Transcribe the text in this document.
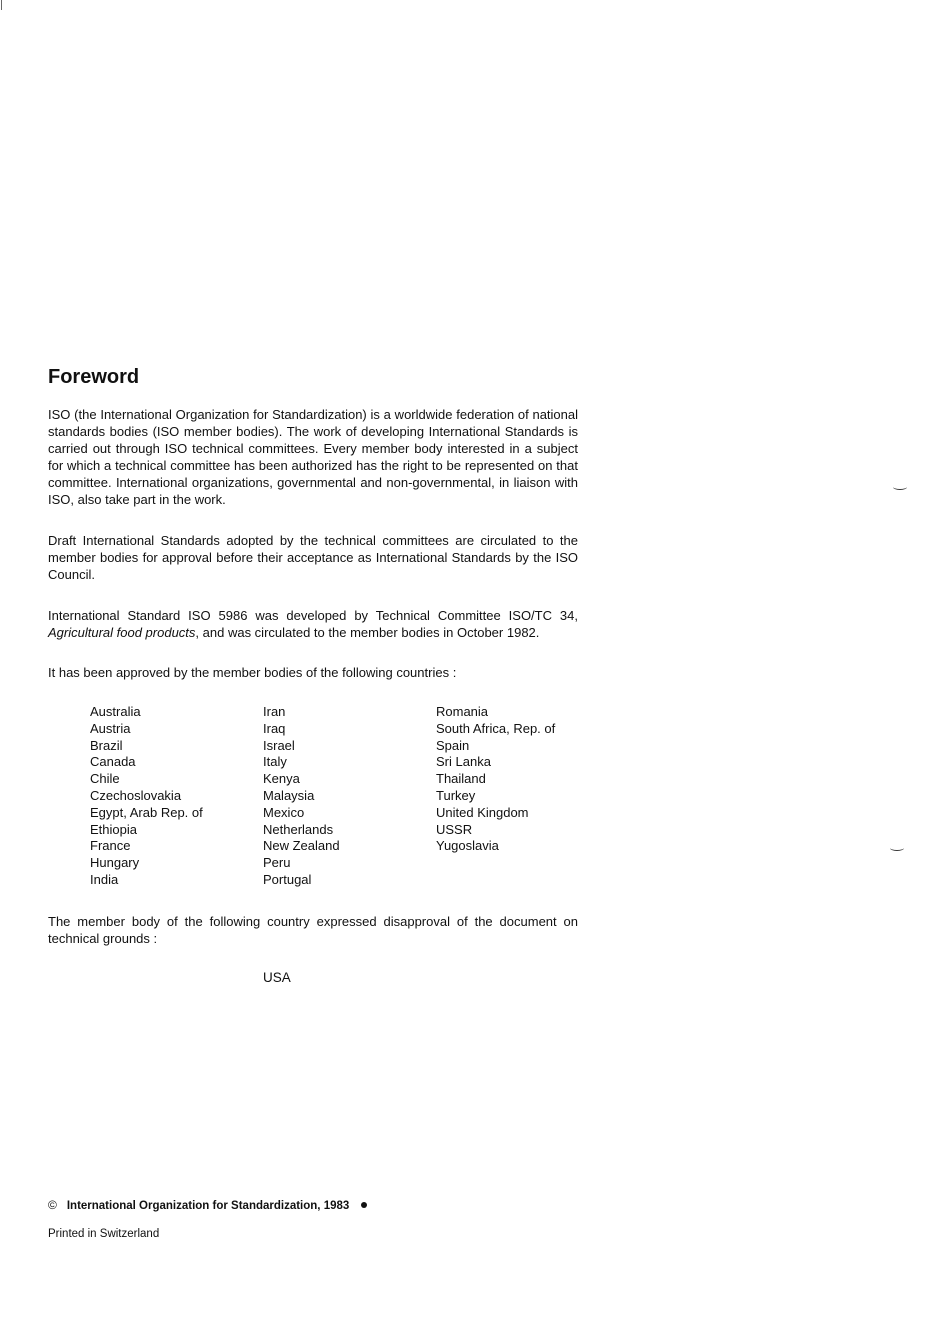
Foreword

ISO (the International Organization for Standardization) is a worldwide federation of national standards bodies (ISO member bodies). The work of developing International Standards is carried out through ISO technical committees. Every member body interested in a subject for which a technical committee has been authorized has the right to be represented on that committee. International organizations, governmental and non-governmental, in liaison with ISO, also take part in the work.

Draft International Standards adopted by the technical committees are circulated to the member bodies for approval before their acceptance as International Standards by the ISO Council.

International Standard ISO 5986 was developed by Technical Committee ISO/TC 34, Agricultural food products, and was circulated to the member bodies in October 1982.

It has been approved by the member bodies of the following countries :

Australia
Austria
Brazil
Canada
Chile
Czechoslovakia
Egypt, Arab Rep. of
Ethiopia
France
Hungary
India
Iran
Iraq
Israel
Italy
Kenya
Malaysia
Mexico
Netherlands
New Zealand
Peru
Portugal
Romania
South Africa, Rep. of
Spain
Sri Lanka
Thailand
Turkey
United Kingdom
USSR
Yugoslavia

The member body of the following country expressed disapproval of the document on technical grounds :

USA
© International Organization for Standardization, 1983
Printed in Switzerland
